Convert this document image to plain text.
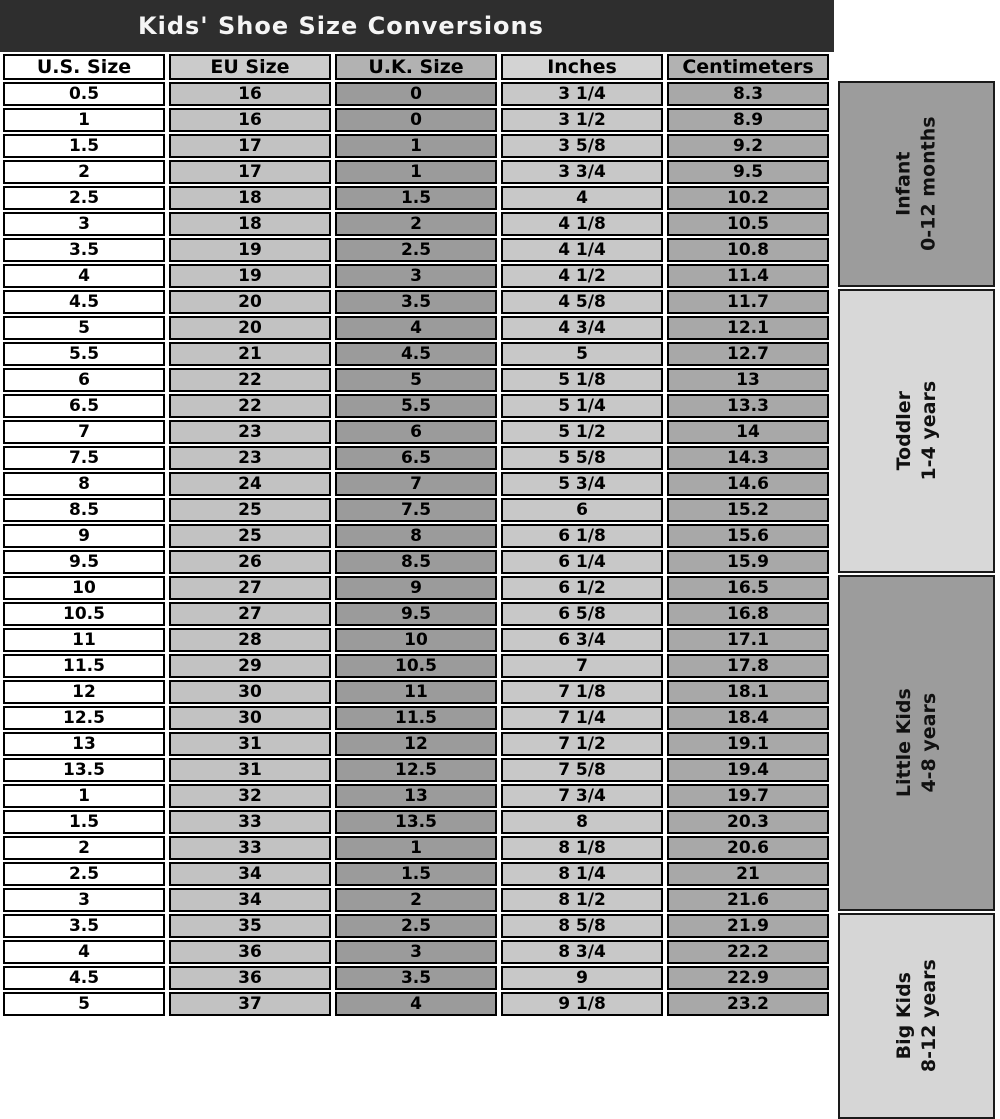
Kids' Shoe Size Conversions
U.S. Size	EU Size	U.K. Size	Inches	Centimeters
0.5	16	0	3 1/4	8.3
1	16	0	3 1/2	8.9
1.5	17	1	3 5/8	9.2
2	17	1	3 3/4	9.5
2.5	18	1.5	4	10.2
3	18	2	4 1/8	10.5
3.5	19	2.5	4 1/4	10.8
4	19	3	4 1/2	11.4
4.5	20	3.5	4 5/8	11.7
5	20	4	4 3/4	12.1
5.5	21	4.5	5	12.7
6	22	5	5 1/8	13
6.5	22	5.5	5 1/4	13.3
7	23	6	5 1/2	14
7.5	23	6.5	5 5/8	14.3
8	24	7	5 3/4	14.6
8.5	25	7.5	6	15.2
9	25	8	6 1/8	15.6
9.5	26	8.5	6 1/4	15.9
10	27	9	6 1/2	16.5
10.5	27	9.5	6 5/8	16.8
11	28	10	6 3/4	17.1
11.5	29	10.5	7	17.8
12	30	11	7 1/8	18.1
12.5	30	11.5	7 1/4	18.4
13	31	12	7 1/2	19.1
13.5	31	12.5	7 5/8	19.4
1	32	13	7 3/4	19.7
1.5	33	13.5	8	20.3
2	33	1	8 1/8	20.6
2.5	34	1.5	8 1/4	21
3	34	2	8 1/2	21.6
3.5	35	2.5	8 5/8	21.9
4	36	3	8 3/4	22.2
4.5	36	3.5	9	22.9
5	37	4	9 1/8	23.2
Infant 0-12 months
Toddler 1-4 years
Little Kids 4-8 years
Big Kids 8-12 years
